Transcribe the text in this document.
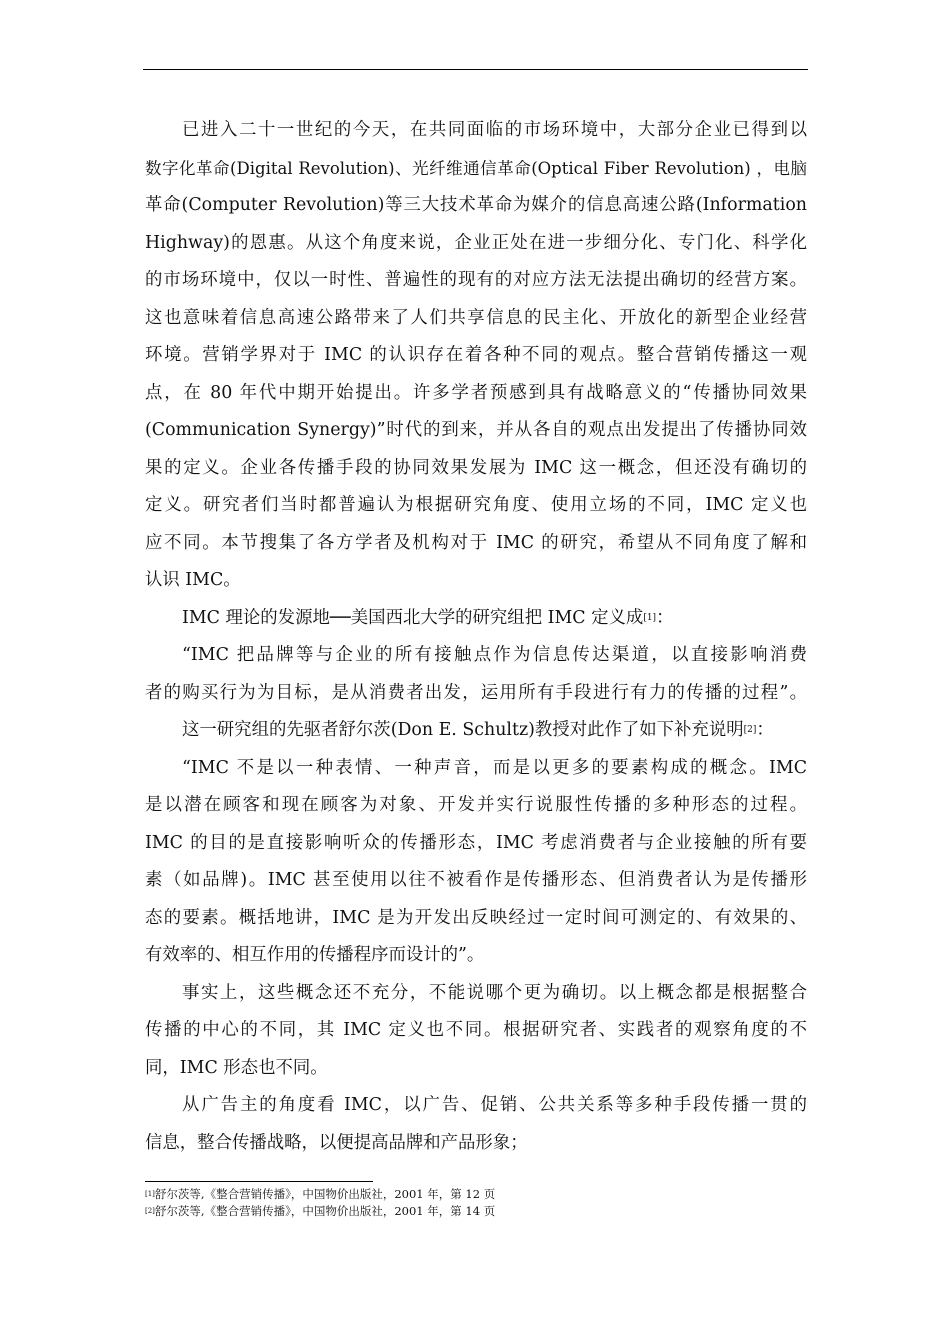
已进入二十一世纪的今天，在共同面临的市场环境中，大部分企业已得到以
数字化革命(Digital Revolution)、光纤维通信革命(Optical Fiber Revolution) ，电脑
革命(Computer Revolution)等三大技术革命为媒介的信息高速公路(Information
Highway)的恩惠。从这个角度来说，企业正处在进一步细分化、专门化、科学化
的市场环境中，仅以一时性、普遍性的现有的对应方法无法提出确切的经营方案。
这也意味着信息高速公路带来了人们共享信息的民主化、开放化的新型企业经营
环境。营销学界对于 IMC 的认识存在着各种不同的观点。整合营销传播这一观
点，在 80 年代中期开始提出。许多学者预感到具有战略意义的“传播协同效果
(Communication Synergy)”时代的到来，并从各自的观点出发提出了传播协同效
果的定义。企业各传播手段的协同效果发展为 IMC 这一概念，但还没有确切的
定义。研究者们当时都普遍认为根据研究角度、使用立场的不同，IMC 定义也
应不同。本节搜集了各方学者及机构对于 IMC 的研究，希望从不同角度了解和
认识 IMC。
IMC 理论的发源地──美国西北大学的研究组把 IMC 定义成 [1] ：
“IMC 把品牌等与企业的所有接触点作为信息传达渠道，以直接影响消费
者的购买行为为目标，是从消费者出发，运用所有手段进行有力的传播的过程”。
这一研究组的先驱者舒尔茨(Don E. Schultz)教授对此作了如下补充说明 [2] ：
“IMC 不是以一种表情、一种声音，而是以更多的要素构成的概念。IMC
是以潜在顾客和现在顾客为对象、开发并实行说服性传播的多种形态的过程。
IMC 的目的是直接影响听众的传播形态，IMC 考虑消费者与企业接触的所有要
素（如品牌)。IMC 甚至使用以往不被看作是传播形态、但消费者认为是传播形
态的要素。概括地讲，IMC 是为开发出反映经过一定时间可测定的、有效果的、
有效率的、相互作用的传播程序而设计的”。
事实上，这些概念还不充分，不能说哪个更为确切。以上概念都是根据整合
传播的中心的不同，其 IMC 定义也不同。根据研究者、实践者的观察角度的不
同，IMC 形态也不同。
从广告主的角度看 IMC，以广告、促销、公共关系等多种手段传播一贯的
信息，整合传播战略，以便提高品牌和产品形象；
[1]舒尔茨等,《整合营销传播》，中国物价出版社，2001 年，第 12 页
[2]舒尔茨等,《整合营销传播》，中国物价出版社，2001 年，第 14 页
